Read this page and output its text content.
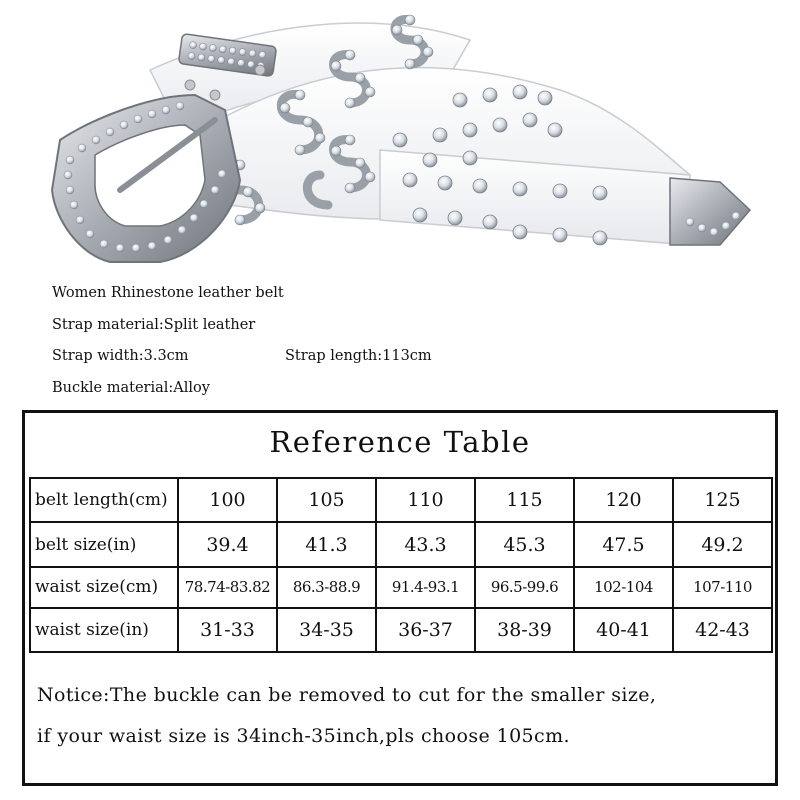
Women Rhinestone leather belt
Strap material:Split leather
Strap width:3.3cm	Strap length:113cm
Buckle material:Alloy
Reference Table
belt length(cm)	100	105	110	115	120	125
belt size(in)	39.4	41.3	43.3	45.3	47.5	49.2
waist size(cm)	78.74-83.82	86.3-88.9	91.4-93.1	96.5-99.6	102-104	107-110
waist size(in)	31-33	34-35	36-37	38-39	40-41	42-43
Notice:The buckle can be removed to cut for the smaller size,
if your waist size is 34inch-35inch,pls choose 105cm.
